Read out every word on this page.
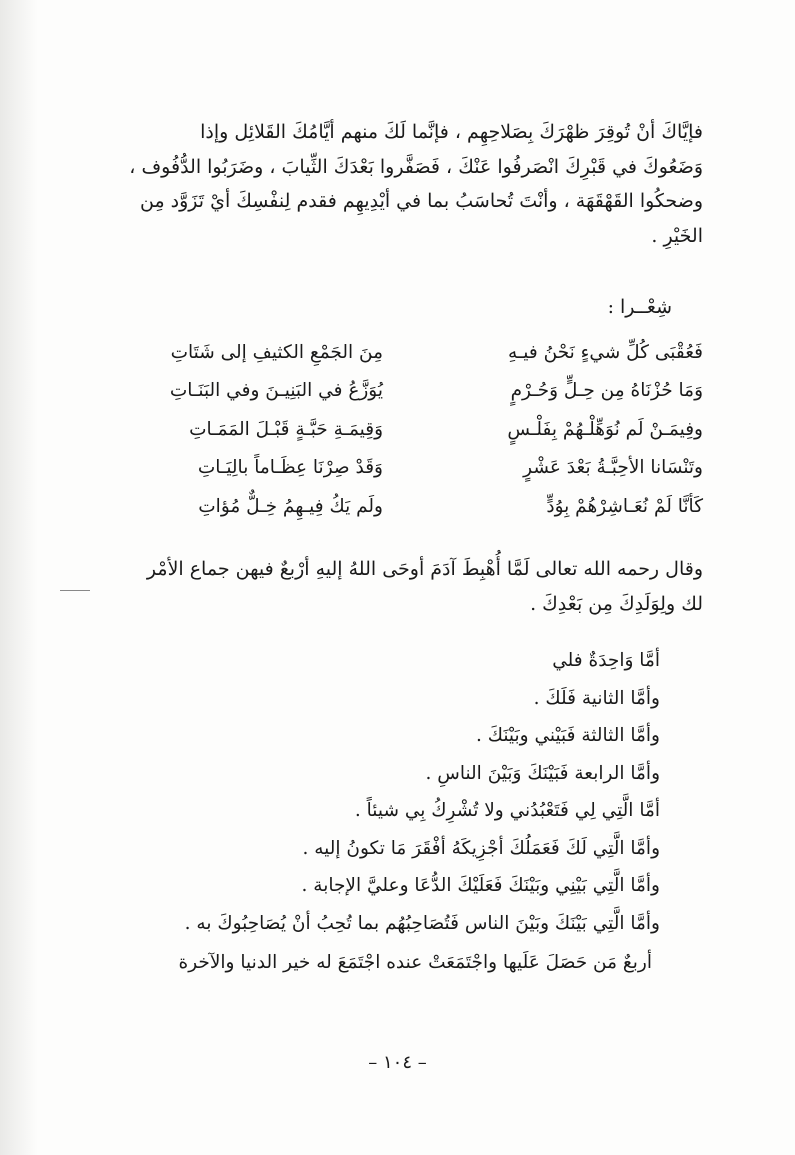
فإيَّاكَ أنْ تُوقِرَ ظهْرَكَ بِصَلاحِهِم ، فإنَّما لَكَ منهم أيَّامُكَ القَلائِل وإذا

وَضَعُوكَ في قَبْرِكَ انْصَرفُوا عَنْكَ ، فَصَفَّروا بَعْدَكَ الثِّيابَ ، وضَرَبُوا الدُّفُوف ،

وضحكُوا القَهْقَهَة ، وأنْتَ تُحاسَبُ بما في أيْدِيهِم فقدم لِنفْسِكَ أيْ تَزَوَّد مِن

الخَيْرِ .

شِعْــرا :
فَعُقْبَى كُلِّ شيءٍ نَحْنُ فيـهِ
مِنَ الجَمْعِ الكثيفِ إلى شَتَاتِ
وَمَا حُزْنَاهُ مِن حِـلٍّ وَحُـرْمٍ
يُوَزَّعُ في البَنِيـنَ وفي البَنَـاتِ
وفِيمَـنْ لَم نُوَهِّلْـهُمْ بِفَلْـسٍ
وَقِيمَـةِ حَبَّـةٍ قَبْـلَ المَمَـاتِ
وتَنْسَانا الأحِبَّـةُ بَعْدَ عَشْرٍ
وَقَدْ صِرْنَا عِظَـاماً بالِيَـاتِ
كَأنَّا لَمْ نُعَـاشِرْهُمْ بِوُدٍّ
ولَم يَكُ فِيـهِمُ خِـلٌّ مُؤاتِ

وقال رحمه الله تعالى لَمَّا أُهْبِطَ آدَمَ أوحَى اللهُ إليهِ أرْبعٌ فيهن جماع الأمْر

لك ولِوَلَدِكَ مِن بَعْدِكَ .

أمَّا وَاحِدَةٌ فلي
وأمَّا الثانية فَلَكَ .
وأمَّا الثالثة فَبَيْني وبَيْنَكَ .
وأمَّا الرابعة فَبَيْنَكَ وَبَيْنَ الناسِ .
أمَّا الَّتِي لِي فَتَعْبُدُني ولا تُشْرِكُ بِي شيئاً .
وأمَّا الَّتِي لَكَ فَعَمَلُكَ أجْزِيكَهُ أفْقَرَ مَا تكونُ إليه .
وأمَّا الَّتِي بَيْنِي وبَيْنَكَ فَعَلَيْكَ الدُّعَا وعليَّ الإجابة .
وأمَّا الَّتِي بَيْنَكَ وبَيْنَ الناس فَتُصَاحِبُهُم بما تُحِبُ أنْ يُصَاحِبُوكَ به .
أربعٌ مَن حَصَلَ عَلَيها واجْتَمَعَتْ عنده اجْتَمَعَ له خير الدنيا والآخرة
– ١٠٤ –
